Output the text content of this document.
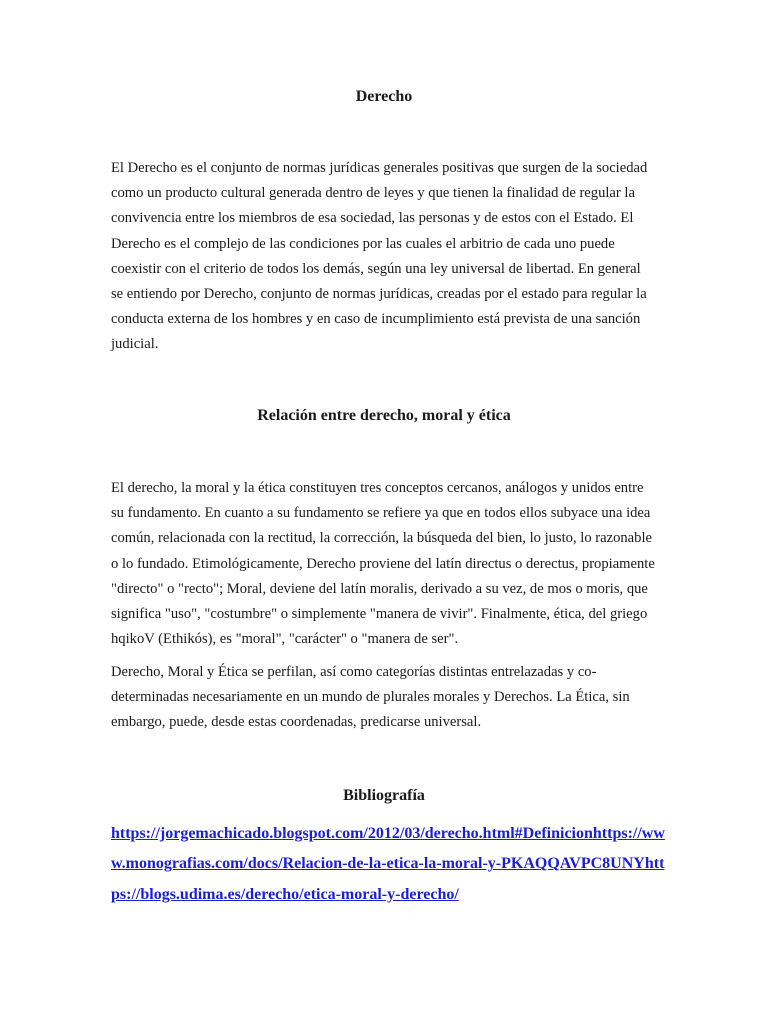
Derecho

El Derecho es el conjunto de normas jurídicas generales positivas que surgen de la sociedad como un producto cultural generada dentro de leyes y que tienen la finalidad de regular la convivencia entre los miembros de esa sociedad, las personas y de estos con el Estado. El Derecho es el complejo de las condiciones por las cuales el arbitrio de cada uno puede coexistir con el criterio de todos los demás, según una ley universal de libertad. En general se entiendo por Derecho, conjunto de normas jurídicas, creadas por el estado para regular la conducta externa de los hombres y en caso de incumplimiento está prevista de una sanción judicial.

Relación entre derecho, moral y ética

El derecho, la moral y la ética constituyen tres conceptos cercanos, análogos y unidos entre su fundamento. En cuanto a su fundamento se refiere ya que en todos ellos subyace una idea común, relacionada con la rectitud, la corrección, la búsqueda del bien, lo justo, lo razonable o lo fundado. Etimológicamente, Derecho proviene del latín directus o derectus, propiamente "directo" o "recto"; Moral, deviene del latín moralis, derivado a su vez, de mos o moris, que significa "uso", "costumbre" o simplemente "manera de vivir". Finalmente, ética, del griego hqikoV (Ethikós), es "moral", "carácter" o "manera de ser".

Derecho, Moral y Ética se perfilan, así como categorías distintas entrelazadas y co-determinadas necesariamente en un mundo de plurales morales y Derechos. La Ética, sin embargo, puede, desde estas coordenadas, predicarse universal.

Bibliografía

https://jorgemachicado.blogspot.com/2012/03/derecho.html#Definicionhttps://www.monografias.com/docs/Relacion-de-la-etica-la-moral-y-PKAQQAVPC8UNYhttps://blogs.udima.es/derecho/etica-moral-y-derecho/
